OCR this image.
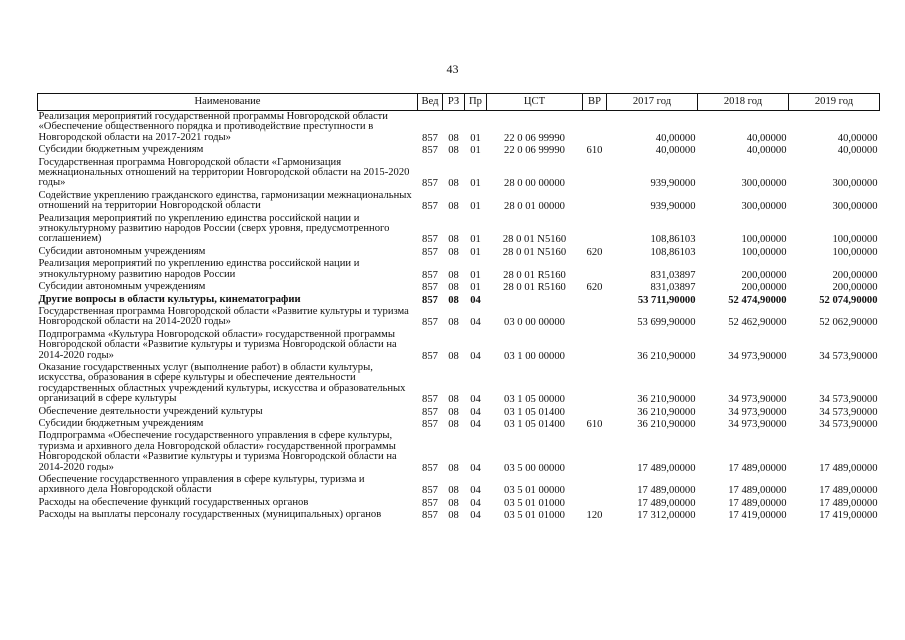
43
Наименование	Вед	РЗ	Пр	ЦСТ	ВР	2017 год	2018 год	2019 год
Реализация мероприятий государственной программы Новгородской области «Обеспечение общественного порядка и противодействие преступности в Новгородской области на 2017-2021 годы»	857	08	01	22 0 06 99990		40,00000	40,00000	40,00000
Субсидии бюджетным учреждениям	857	08	01	22 0 06 99990	610	40,00000	40,00000	40,00000
Государственная программа Новгородской области «Гармонизация межнациональных отношений на территории Новгородской области на 2015-2020 годы»	857	08	01	28 0 00 00000		939,90000	300,00000	300,00000
Содействие укреплению гражданского единства, гармонизации межнациональных отношений на территории Новгородской области	857	08	01	28 0 01 00000		939,90000	300,00000	300,00000
Реализация мероприятий по укреплению единства российской нации и этнокультурному развитию народов России (сверх уровня, предусмотренного соглашением)	857	08	01	28 0 01 N5160		108,86103	100,00000	100,00000
Субсидии автономным учреждениям	857	08	01	28 0 01 N5160	620	108,86103	100,00000	100,00000
Реализация мероприятий по укреплению единства российской нации и этнокультурному развитию народов России	857	08	01	28 0 01 R5160		831,03897	200,00000	200,00000
Субсидии автономным учреждениям	857	08	01	28 0 01 R5160	620	831,03897	200,00000	200,00000
Другие вопросы в области культуры, кинематографии	857	08	04			53 711,90000	52 474,90000	52 074,90000
Государственная программа Новгородской области «Развитие культуры и туризма Новгородской области на 2014-2020 годы»	857	08	04	03 0 00 00000		53 699,90000	52 462,90000	52 062,90000
Подпрограмма «Культура Новгородской области» государственной программы Новгородской области «Развитие культуры и туризма Новгородской области на 2014-2020 годы»	857	08	04	03 1 00 00000		36 210,90000	34 973,90000	34 573,90000
Оказание государственных услуг (выполнение работ) в области культуры, искусства, образования в сфере культуры и обеспечение деятельности государственных областных учреждений культуры, искусства и образовательных организаций в сфере культуры	857	08	04	03 1 05 00000		36 210,90000	34 973,90000	34 573,90000
Обеспечение деятельности учреждений культуры	857	08	04	03 1 05 01400		36 210,90000	34 973,90000	34 573,90000
Субсидии бюджетным учреждениям	857	08	04	03 1 05 01400	610	36 210,90000	34 973,90000	34 573,90000
Подпрограмма «Обеспечение государственного управления в сфере культуры, туризма и архивного дела Новгородской области» государственной программы Новгородской области «Развитие культуры и туризма Новгородской области на 2014-2020 годы»	857	08	04	03 5 00 00000		17 489,00000	17 489,00000	17 489,00000
Обеспечение государственного управления в сфере культуры, туризма и архивного дела Новгородской области	857	08	04	03 5 01 00000		17 489,00000	17 489,00000	17 489,00000
Расходы на обеспечение функций государственных органов	857	08	04	03 5 01 01000		17 489,00000	17 489,00000	17 489,00000
Расходы на выплаты персоналу государственных (муниципальных) органов	857	08	04	03 5 01 01000	120	17 312,00000	17 419,00000	17 419,00000
